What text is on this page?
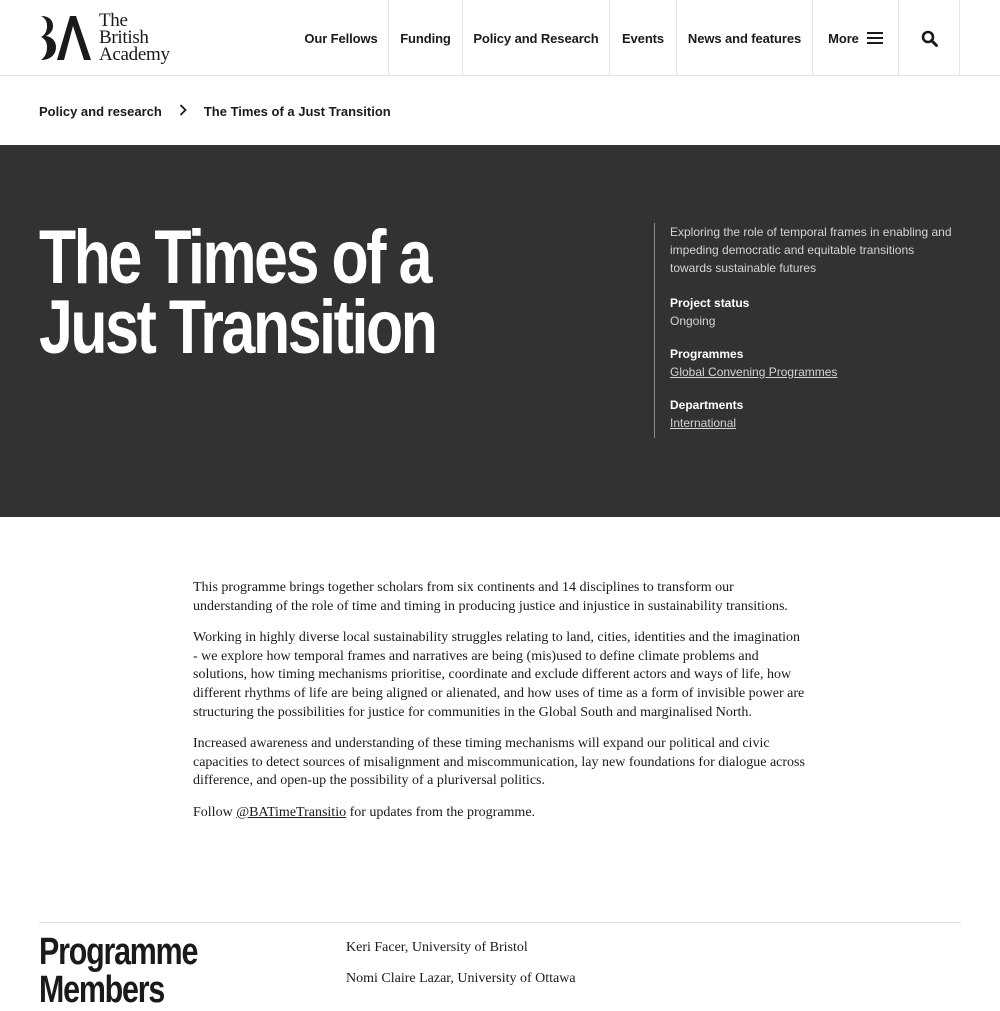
The
British
Academy
Our Fellows Funding Policy and Research Events News and features More
Policy and research	The Times of a Just Transition
The Times of a Just Transition

Exploring the role of temporal frames in enabling and impeding democratic and equitable transitions towards sustainable futures

Project status

Ongoing

Programmes

Global Convening Programmes

Departments

International

This programme brings together scholars from six continents and 14 disciplines to transform our understanding of the role of time and timing in producing justice and injustice in sustainability transitions.

Working in highly diverse local sustainability struggles relating to land, cities, identities and the imagination - we explore how temporal frames and narratives are being (mis)used to define climate problems and solutions, how timing mechanisms prioritise, coordinate and exclude different actors and ways of life, how different rhythms of life are being aligned or alienated, and how uses of time as a form of invisible power are structuring the possibilities for justice for communities in the Global South and marginalised North.

Increased awareness and understanding of these timing mechanisms will expand our political and civic capacities to detect sources of misalignment and miscommunication, lay new foundations for dialogue across difference, and open-up the possibility of a pluriversal politics.

Follow @BATimeTransitio for updates from the programme.

Programme Members
Keri Facer, University of Bristol
Nomi Claire Lazar, University of Ottawa
